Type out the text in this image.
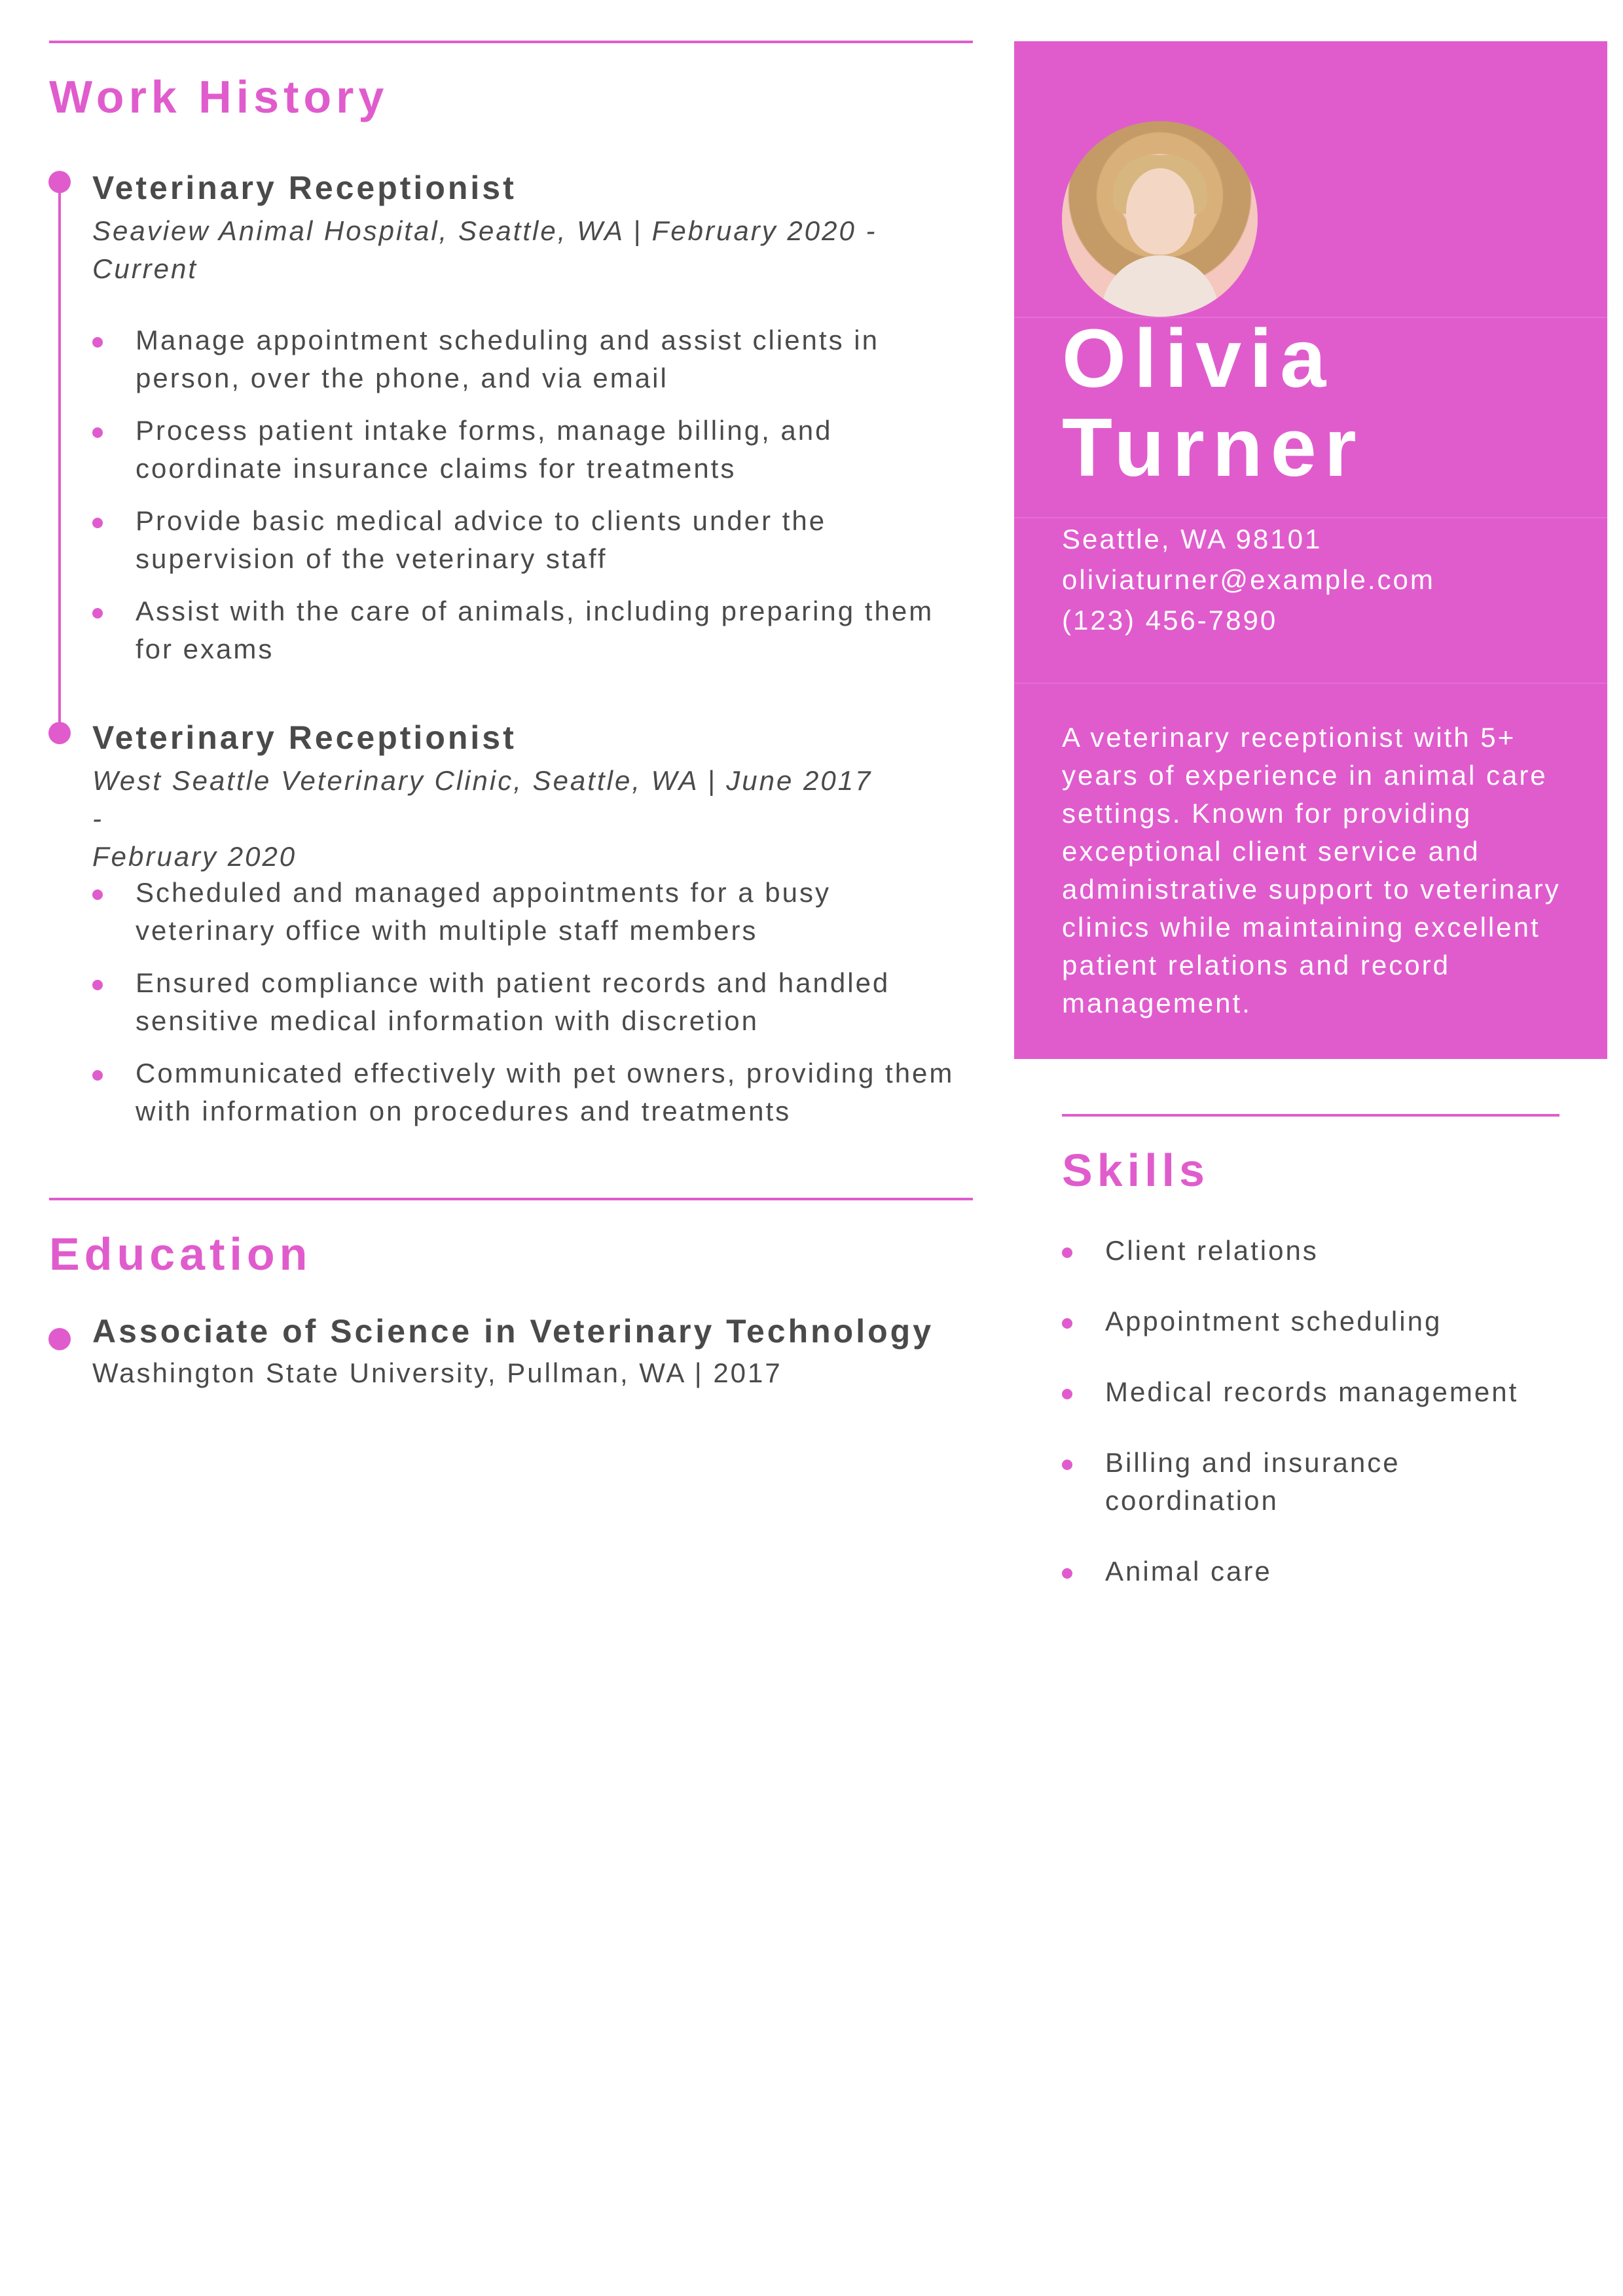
Work History
Veterinary Receptionist

Seaview Animal Hospital, Seattle, WA | February 2020 -
Current

Manage appointment scheduling and assist clients in person, over the phone, and via email
Process patient intake forms, manage billing, and coordinate insurance claims for treatments
Provide basic medical advice to clients under the supervision of the veterinary staff
Assist with the care of animals, including preparing them for exams
Veterinary Receptionist

West Seattle Veterinary Clinic, Seattle, WA | June 2017 -
February 2020

Scheduled and managed appointments for a busy veterinary office with multiple staff members
Ensured compliance with patient records and handled sensitive medical information with discretion
Communicated effectively with pet owners, providing them with information on procedures and treatments
Education
Associate of Science in Veterinary Technology

Washington State University, Pullman, WA | 2017

Olivia
Turner

Seattle, WA 98101

oliviaturner@example.com

(123) 456-7890

A veterinary receptionist with 5+ years of experience in animal care settings. Known for providing exceptional client service and administrative support to veterinary clinics while maintaining excellent patient relations and record management.

Skills
Client relations
Appointment scheduling
Medical records management
Billing and insurance coordination
Animal care
